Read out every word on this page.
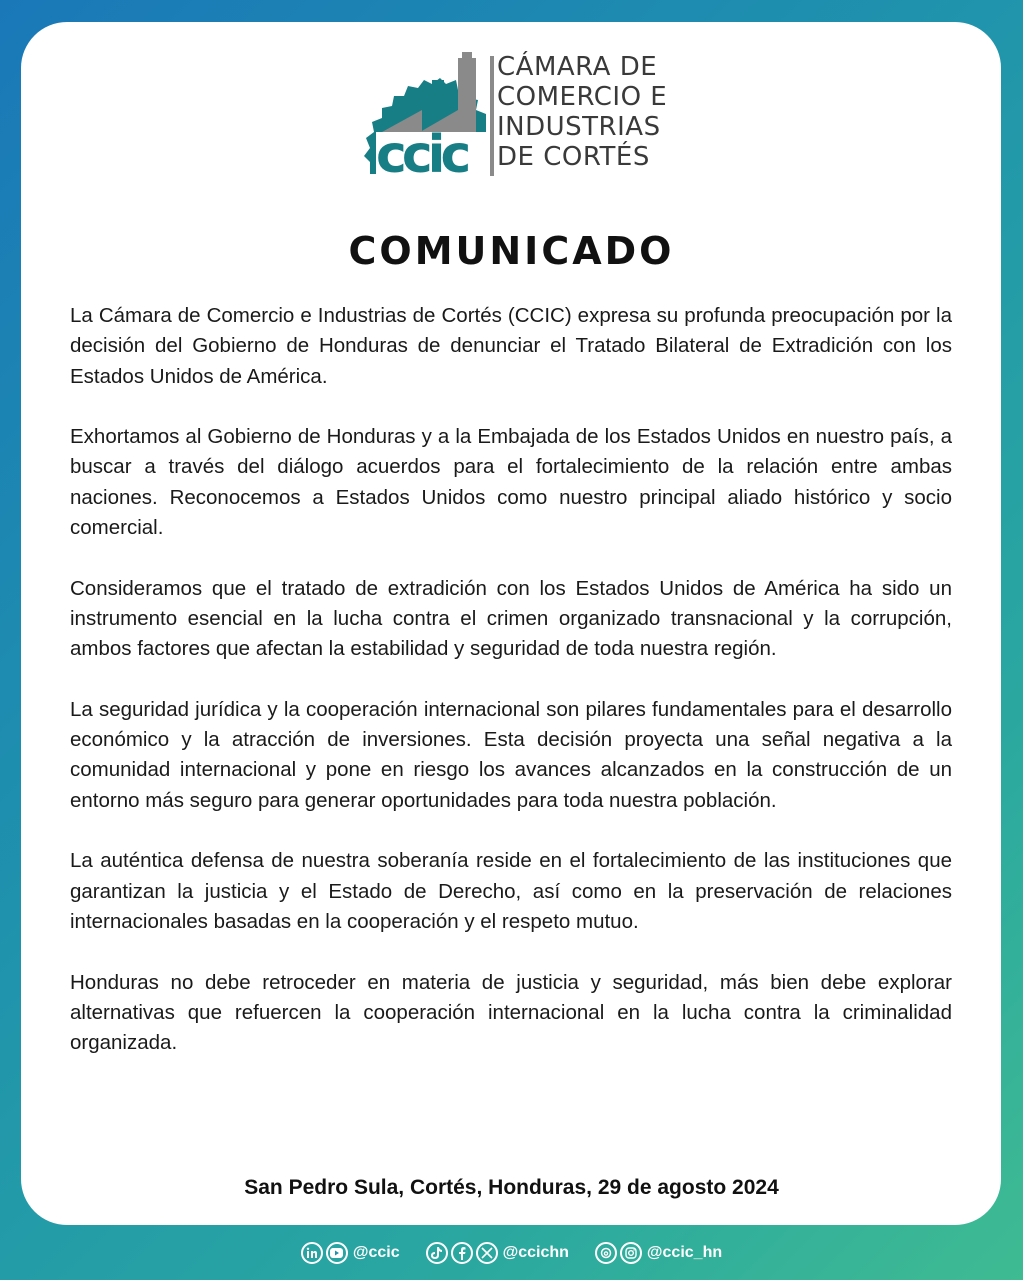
ccic
CÁMARA DE
COMERCIO E
INDUSTRIAS
DE CORTÉS
COMUNICADO

La Cámara de Comercio e Industrias de Cortés (CCIC) expresa su profunda preocupación por la decisión del Gobierno de Honduras de denunciar el Tratado Bilateral de Extradición con los Estados Unidos de América.

Exhortamos al Gobierno de Honduras y a la Embajada de los Estados Unidos en nuestro país, a buscar a través del diálogo acuerdos para el fortalecimiento de la relación entre ambas naciones. Reconocemos a Estados Unidos como nuestro principal aliado histórico y socio comercial.

Consideramos que el tratado de extradición con los Estados Unidos de América ha sido un instrumento esencial en la lucha contra el crimen organizado transnacional y la corrupción, ambos factores que afectan la estabilidad y seguridad de toda nuestra región.

La seguridad jurídica y la cooperación internacional son pilares fundamentales para el desarrollo económico y la atracción de inversiones. Esta decisión proyecta una señal negativa a la comunidad internacional y pone en riesgo los avances alcanzados en la construcción de un entorno más seguro para generar oportunidades para toda nuestra población.

La auténtica defensa de nuestra soberanía reside en el fortalecimiento de las instituciones que garantizan la justicia y el Estado de Derecho, así como en la preservación de relaciones internacionales basadas en la cooperación y el respeto mutuo.

Honduras no debe retroceder en materia de justicia y seguridad, más bien debe explorar alternativas que refuercen la cooperación internacional en la lucha contra la criminalidad organizada.

San Pedro Sula, Cortés, Honduras, 29 de agosto 2024
@ccic	@ccichn	@ccic_hn
